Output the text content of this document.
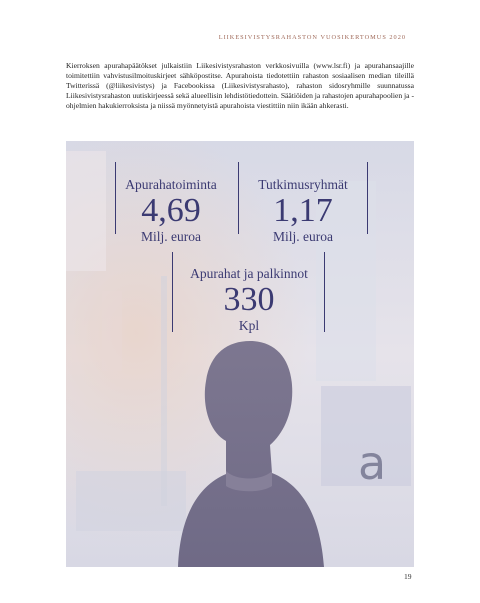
LIIKESIVISTYSRAHASTON VUOSIKERTOMUS 2020

Kierroksen apurahapäätökset julkaistiin Liikesivistysrahaston verkkosivuilla (www.lsr.fi) ja apurahansaajille toimitettiin vahvistusilmoituskirjeet sähköpostitse. Apurahoista tiedotettiin rahaston sosiaalisen median tileillä Twitterissä (@liikesivistys) ja Facebookissa (Liikesivistysrahasto), rahaston sidosryhmille suunnatussa Liikesivistysrahaston uutiskirjeessä sekä alueellisin lehdistötiedottein. Säätiöiden ja rahastojen apurahapoolien ja -ohjelmien hakukierroksista ja niissä myönnetyistä apurahoista viestittiin niin ikään ahkerasti.

a
Apurahatoiminta
4,69
Milj. euroa
Tutkimusryhmät
1,17
Milj. euroa
Apurahat ja palkinnot
330
Kpl
19
